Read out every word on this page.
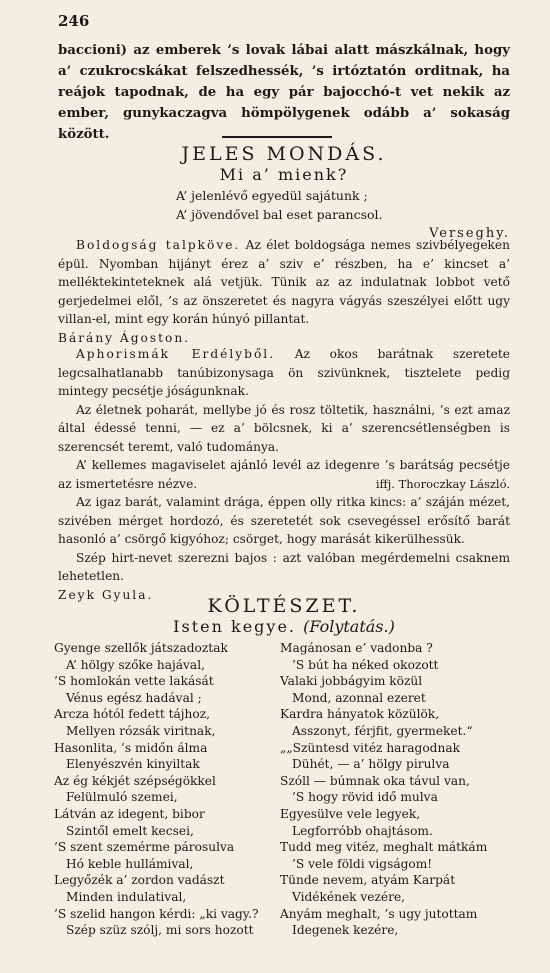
246

baccioni) az emberek ’s lovak lábai alatt mászkálnak, hogy a’ czukrocskákat felszedhessék, ’s irtóztatón orditnak, ha reájok tapodnak, de ha egy pár bajocchó-t vet nekik az ember, gunykaczagva hömpölygenek odább a’ sokaság között.

JELES MONDÁS.

Mi a’ mienk?

A’ jelenlévő egyedül sajátunk ;
A’ jövendővel bal eset parancsol.
Verseghy.

Boldogság talpköve. Az élet boldogsága nemes szivbélyegeken épül. Nyomban hijányt érez a’ sziv e’ részben, ha e’ kincset a’ melléktekinteteknek alá vetjük. Tünik az az indulatnak lobbot vető gerjedelmei elől, ’s az önszeretet és nagyra vágyás szeszélyei előtt ugy villan-el, mint egy korán húnyó pillantat.

Bárány Ágoston.

Aphorismák Erdélyből. Az okos barátnak szeretete legcsalhatlanabb tanúbizonysaga ön szivünknek, tisztelete pedig mintegy pecsétje jóságunknak.

Az életnek poharát, mellybe jó és rosz töltetik, használni, ’s ezt amaz által édessé tenni, — ez a’ bölcsnek, ki a’ szerencsétlenségben is szerencsét teremt, való tudománya.

A’ kellemes magaviselet ajánló levél az idegenre ’s barátság pecsétje az ismertetésre nézve.	iffj. Thoroczkay László.

Az igaz barát, valamint drága, éppen olly ritka kincs: a’ száján mézet, szivében mérget hordozó, és szeretetét sok csevegéssel erősítő barát hasonló a’ csörgő kigyóhoz; csörget, hogy marását kikerülhessük.

Szép hirt-nevet szerezni bajos : azt valóban megérdemelni csaknem lehetetlen.

Zeyk Gyula.

KÖLTÉSZET.

Isten kegye. (Folytatás.)

Gyenge szellők játszadoztak
A’ hölgy szőke hajával,
’S homlokán vette lakását
Vénus egész hadával ;
Arcza hótól fedett tájhoz,
Mellyen rózsák viritnak,
Hasonlita, ’s midőn álma
Elenyészvén kinyiltak
Az ég kékjét szépségökkel
Felülmuló szemei,
Látván az idegent, bibor
Szintől emelt kecsei,
’S szent szemérme párosulva
Hó keble hullámival,
Legyőzék a’ zordon vadászt
Minden indulatival,
’S szelid hangon kérdi: „ki vagy.?
Szép szüz szólj, mi sors hozott
Magánosan e’ vadonba ?
’S bút ha néked okozott
Valaki jobbágyim közül
Mond, azonnal ezeret
Kardra hányatok közülök,
Asszonyt, férjfit, gyermeket.“
„„Szüntesd vitéz haragodnak
Dühét, — a’ hölgy pirulva
Szóll — búmnak oka távul van,
’S hogy rövid idő mulva
Egyesülve vele legyek,
Legforróbb ohajtásom.
Tudd meg vitéz, meghalt mátkám
’S vele földi vigságom!
Tünde nevem, atyám Karpát
Vidékének vezére,
Anyám meghalt, ’s ugy jutottam
Idegenek kezére,
